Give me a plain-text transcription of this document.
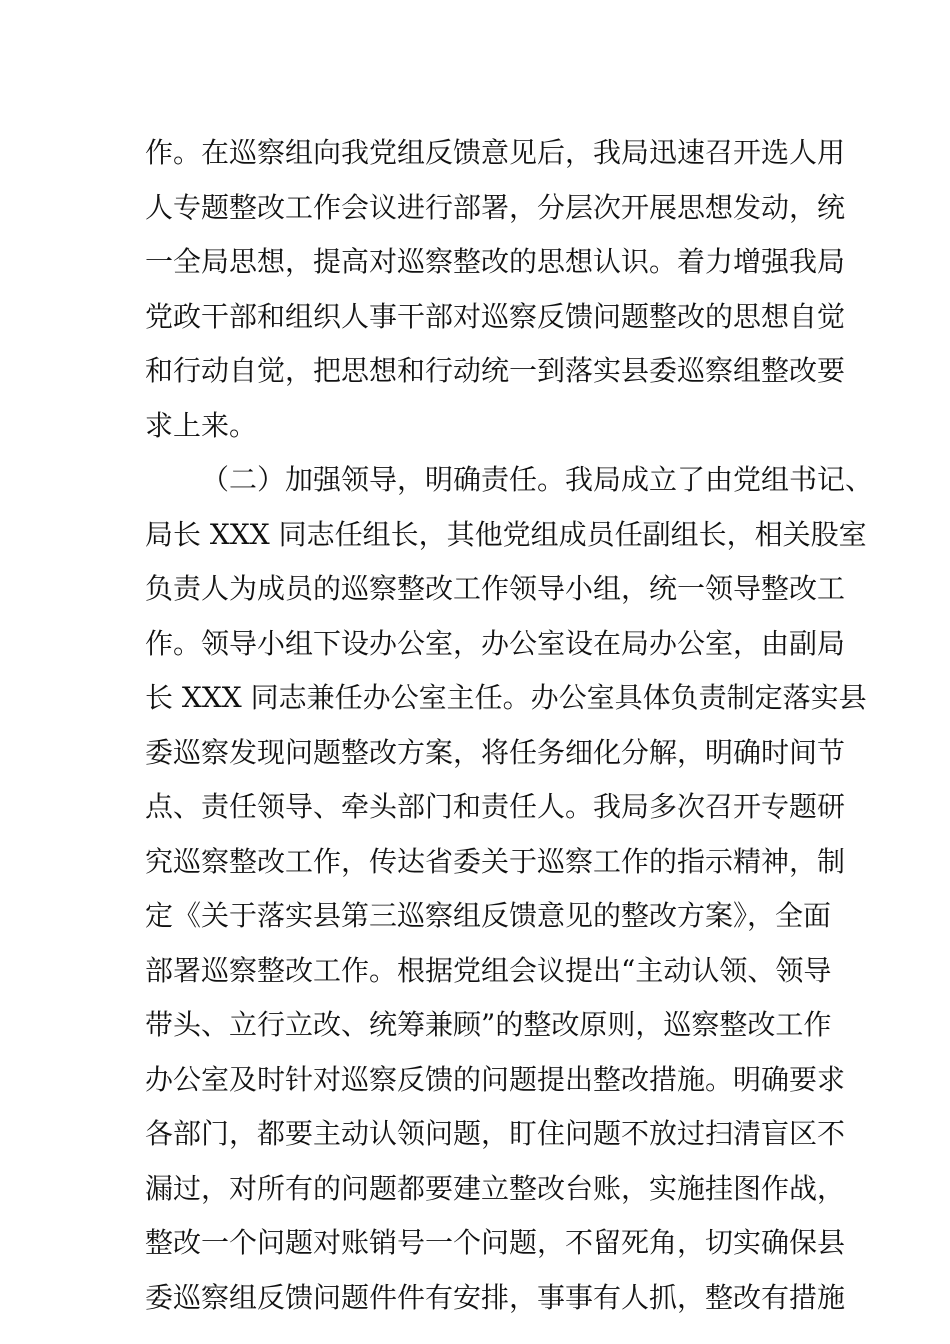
作。在巡察组向我党组反馈意见后，我局迅速召开选人用
人专题整改工作会议进行部署，分层次开展思想发动，统
一全局思想，提高对巡察整改的思想认识。着力增强我局
党政干部和组织人事干部对巡察反馈问题整改的思想自觉
和行动自觉，把思想和行动统一到落实县委巡察组整改要
求上来。
（二）加强领导，明确责任。我局成立了由党组书记、
局长 XXX 同志任组长，其他党组成员任副组长，相关股室
负责人为成员的巡察整改工作领导小组，统一领导整改工
作。领导小组下设办公室，办公室设在局办公室，由副局
长 XXX 同志兼任办公室主任。办公室具体负责制定落实县
委巡察发现问题整改方案，将任务细化分解，明确时间节
点、责任领导、牵头部门和责任人。我局多次召开专题研
究巡察整改工作，传达省委关于巡察工作的指示精神，制
定《关于落实县第三巡察组反馈意见的整改方案》，全面
部署巡察整改工作。根据党组会议提出“主动认领、领导
带头、立行立改、统筹兼顾”的整改原则，巡察整改工作
办公室及时针对巡察反馈的问题提出整改措施。明确要求
各部门，都要主动认领问题，盯住问题不放过扫清盲区不
漏过，对所有的问题都要建立整改台账，实施挂图作战，
整改一个问题对账销号一个问题，不留死角，切实确保县
委巡察组反馈问题件件有安排，事事有人抓，整改有措施
